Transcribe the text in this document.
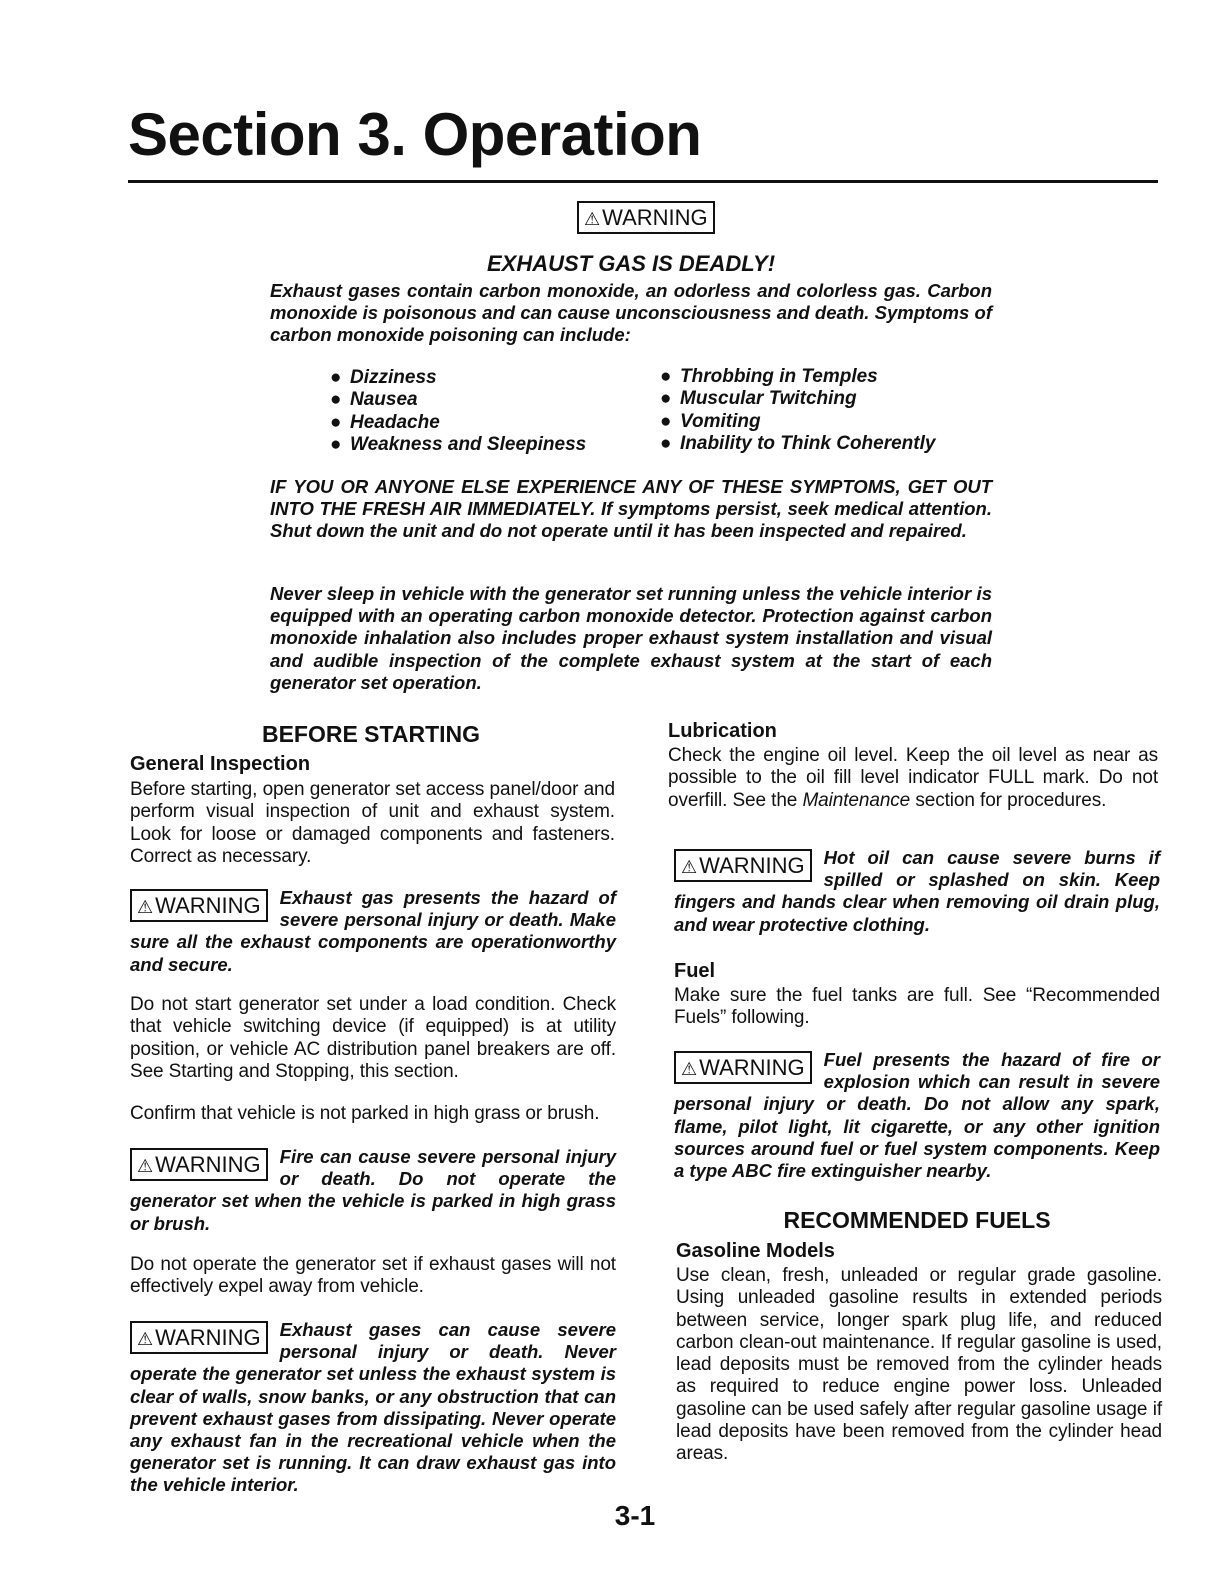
Section 3. Operation
⚠WARNING
EXHAUST GAS IS DEADLY!
Exhaust gases contain carbon monoxide, an odorless and colorless gas. Carbon monoxide is poisonous and can cause unconsciousness and death. Symptoms of carbon monoxide poisoning can include:
● Dizziness
● Nausea
● Headache
● Weakness and Sleepiness
● Throbbing in Temples
● Muscular Twitching
● Vomiting
● Inability to Think Coherently
IF YOU OR ANYONE ELSE EXPERIENCE ANY OF THESE SYMPTOMS, GET OUT INTO THE FRESH AIR IMMEDIATELY. If symptoms persist, seek medical attention. Shut down the unit and do not operate until it has been inspected and repaired.
Never sleep in vehicle with the generator set running unless the vehicle interior is equipped with an operating carbon monoxide detector. Protection against carbon monoxide inhalation also includes proper exhaust system installation and visual and audible inspection of the complete exhaust system at the start of each generator set operation.
BEFORE STARTING
General Inspection
Before starting, open generator set access panel/door and perform visual inspection of unit and exhaust system. Look for loose or damaged components and fasteners. Correct as necessary.
⚠WARNING	Exhaust gas presents the hazard of severe personal injury or death. Make sure all the exhaust components are operationworthy and secure.
Do not start generator set under a load condition. Check that vehicle switching device (if equipped) is at utility position, or vehicle AC distribution panel breakers are off. See Starting and Stopping, this section.
Confirm that vehicle is not parked in high grass or brush.
⚠WARNING	Fire can cause severe personal injury or death. Do not operate the generator set when the vehicle is parked in high grass or brush.
Do not operate the generator set if exhaust gases will not effectively expel away from vehicle.
⚠WARNING	Exhaust gases can cause severe personal injury or death. Never operate the generator set unless the exhaust system is clear of walls, snow banks, or any obstruction that can prevent exhaust gases from dissipating. Never operate any exhaust fan in the recreational vehicle when the generator set is running. It can draw exhaust gas into the vehicle interior.
Lubrication
Check the engine oil level. Keep the oil level as near as possible to the oil fill level indicator FULL mark. Do not overfill. See the Maintenance section for procedures.
⚠WARNING	Hot oil can cause severe burns if spilled or splashed on skin. Keep fingers and hands clear when removing oil drain plug, and wear protective clothing.
Fuel
Make sure the fuel tanks are full. See “Recommended Fuels” following.
⚠WARNING	Fuel presents the hazard of fire or explosion which can result in severe personal injury or death. Do not allow any spark, flame, pilot light, lit cigarette, or any other ignition sources around fuel or fuel system components. Keep a type ABC fire extinguisher nearby.
RECOMMENDED FUELS
Gasoline Models
Use clean, fresh, unleaded or regular grade gasoline. Using unleaded gasoline results in extended periods between service, longer spark plug life, and reduced carbon clean-out maintenance. If regular gasoline is used, lead deposits must be removed from the cylinder heads as required to reduce engine power loss. Unleaded gasoline can be used safely after regular gasoline usage if lead deposits have been removed from the cylinder head areas.
3-1
